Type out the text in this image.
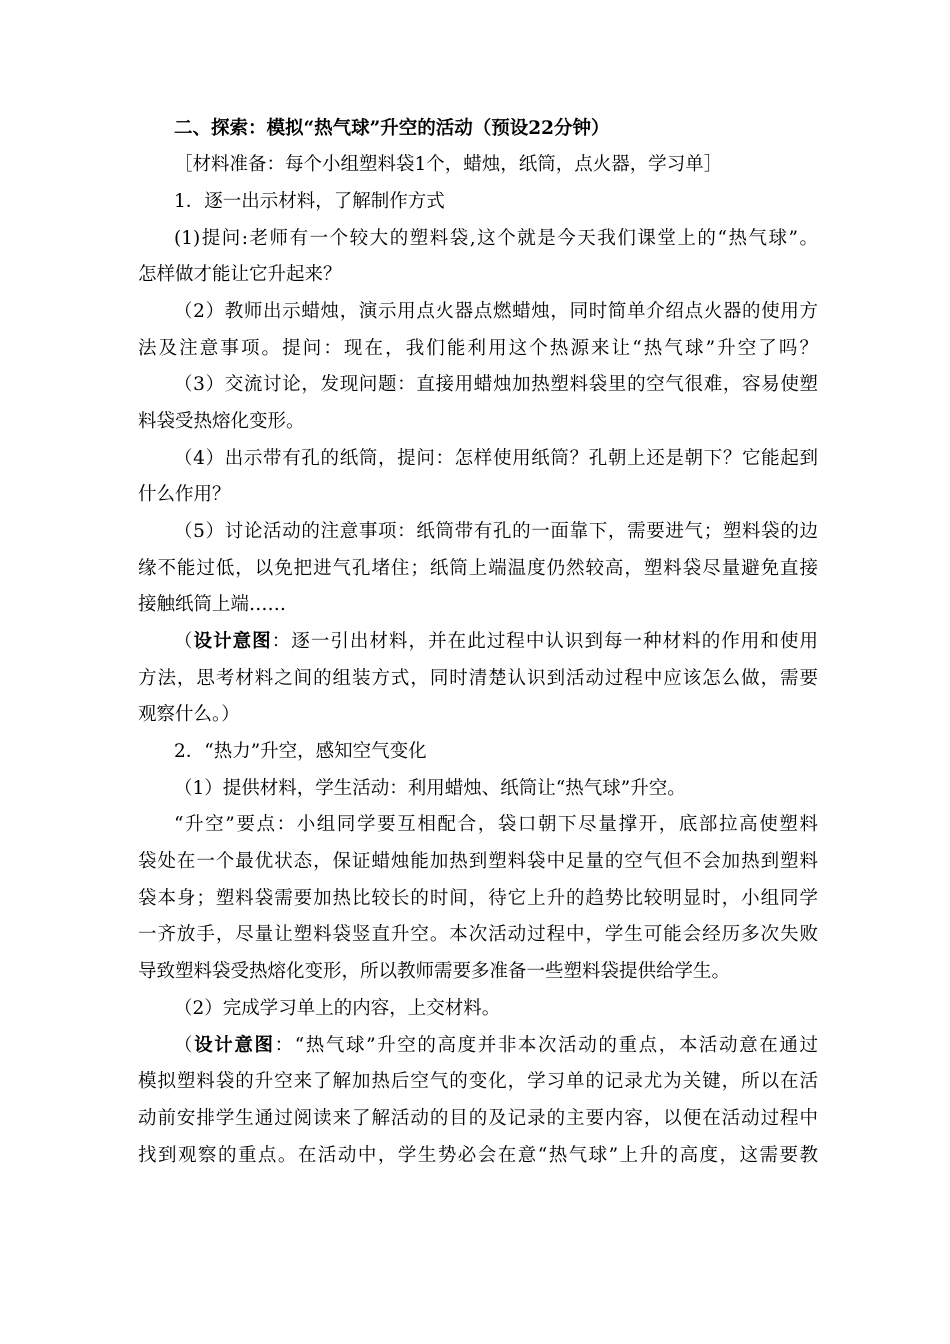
二、探索：模拟“热气球”升空的活动（预设22分钟）
［材料准备：每个小组塑料袋1个，蜡烛，纸筒，点火器，学习单］
1．逐一出示材料，了解制作方式
(1)提问:老师有一个较大的塑料袋,这个就是今天我们课堂上的“热气球”。
怎样做才能让它升起来？
（2）教师出示蜡烛，演示用点火器点燃蜡烛，同时简单介绍点火器的使用方
法及注意事项。提问：现在，我们能利用这个热源来让“热气球”升空了吗？
（3）交流讨论，发现问题：直接用蜡烛加热塑料袋里的空气很难，容易使塑
料袋受热熔化变形。
（4）出示带有孔的纸筒，提问：怎样使用纸筒？孔朝上还是朝下？它能起到
什么作用？
（5）讨论活动的注意事项：纸筒带有孔的一面靠下，需要进气；塑料袋的边
缘不能过低，以免把进气孔堵住；纸筒上端温度仍然较高，塑料袋尽量避免直接
接触纸筒上端……
（设计意图：逐一引出材料，并在此过程中认识到每一种材料的作用和使用
方法，思考材料之间的组装方式，同时清楚认识到活动过程中应该怎么做，需要
观察什么。）
2．“热力”升空，感知空气变化
（1）提供材料，学生活动：利用蜡烛、纸筒让“热气球”升空。
“升空”要点：小组同学要互相配合，袋口朝下尽量撑开，底部拉高使塑料
袋处在一个最优状态，保证蜡烛能加热到塑料袋中足量的空气但不会加热到塑料
袋本身；塑料袋需要加热比较长的时间，待它上升的趋势比较明显时，小组同学
一齐放手，尽量让塑料袋竖直升空。本次活动过程中，学生可能会经历多次失败
导致塑料袋受热熔化变形，所以教师需要多准备一些塑料袋提供给学生。
（2）完成学习单上的内容，上交材料。
（设计意图：“热气球”升空的高度并非本次活动的重点，本活动意在通过
模拟塑料袋的升空来了解加热后空气的变化，学习单的记录尤为关键，所以在活
动前安排学生通过阅读来了解活动的目的及记录的主要内容，以便在活动过程中
找到观察的重点。在活动中，学生势必会在意“热气球”上升的高度，这需要教
